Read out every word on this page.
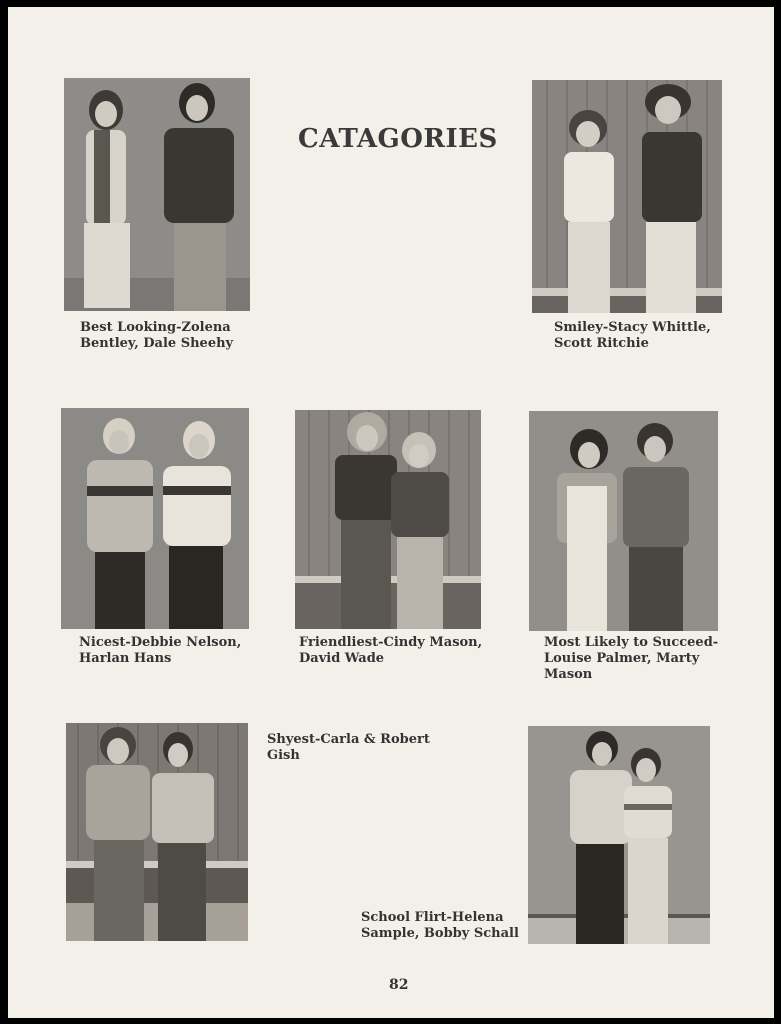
CATAGORIES
Best Looking-Zolena
Bentley, Dale Sheehy
Smiley-Stacy Whittle,
Scott Ritchie
Nicest-Debbie Nelson,
Harlan Hans
Friendliest-Cindy Mason,
David Wade
Most Likely to Succeed-
Louise Palmer, Marty
Mason
Shyest-Carla & Robert
Gish
School Flirt-Helena
Sample, Bobby Schall
82
